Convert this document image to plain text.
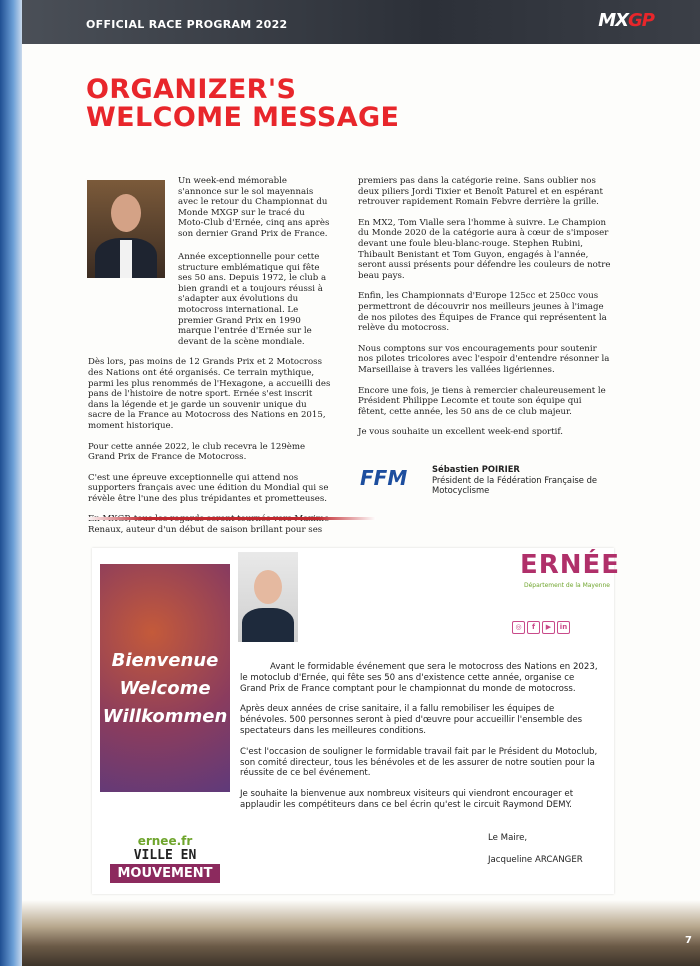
OFFICIAL RACE PROGRAM 2022	MXGP
ORGANIZER'S
WELCOME MESSAGE

Un week-end mémorable s'annonce sur le sol mayennais avec le retour du Championnat du Monde MXGP sur le tracé du Moto-Club d'Ernée, cinq ans après son dernier Grand Prix de France.

Année exceptionnelle pour cette structure emblématique qui fête ses 50 ans. Depuis 1972, le club a bien grandi et a toujours réussi à s'adapter aux évolutions du motocross international. Le premier Grand Prix en 1990 marque l'entrée d'Ernée sur le devant de la scène mondiale.

Dès lors, pas moins de 12 Grands Prix et 2 Motocross des Nations ont été organisés. Ce terrain mythique, parmi les plus renommés de l'Hexagone, a accueilli des pans de l'histoire de notre sport. Ernée s'est inscrit dans la légende et je garde un souvenir unique du sacre de la France au Motocross des Nations en 2015, moment historique.

Pour cette année 2022, le club recevra le 129ème Grand Prix de France de Motocross.

C'est une épreuve exceptionnelle qui attend nos supporters français avec une édition du Mondial qui se révèle être l'une des plus trépidantes et prometteuses.

Renaux, auteur d'un début de saison brillant pour ses

premiers pas dans la catégorie reine. Sans oublier nos deux piliers Jordi Tixier et Benoît Paturel et en espérant retrouver rapidement Romain Febvre derrière la grille.

En MX2, Tom Vialle sera l'homme à suivre. Le Champion du Monde 2020 de la catégorie aura à cœur de s'imposer devant une foule bleu-blanc-rouge. Stephen Rubini, Thibault Benistant et Tom Guyon, engagés à l'année, seront aussi présents pour défendre les couleurs de notre beau pays.

Enfin, les Championnats d'Europe 125cc et 250cc vous permettront de découvrir nos meilleurs jeunes à l'image de nos pilotes des Équipes de France qui représentent la relève du motocross.

Nous comptons sur vos encouragements pour soutenir nos pilotes tricolores avec l'espoir d'entendre résonner la Marseillaise à travers les vallées ligériennes.

Encore une fois, je tiens à remercier chaleureusement le Président Philippe Lecomte et toute son équipe qui fêtent, cette année, les 50 ans de ce club majeur.

Je vous souhaite un excellent week-end sportif.

FFM	Sébastien POIRIER
Président de la Fédération Française de Motocyclisme
Bienvenue
Welcome
Willkommen
ernee.fr
VILLE EN
MOUVEMENT
ERNÉE
Département de la Mayenne
◎ f ▶ in

Avant le formidable événement que sera le motocross des Nations en 2023, le motoclub d'Ernée, qui fête ses 50 ans d'existence cette année, organise ce Grand Prix de France comptant pour le championnat du monde de motocross.

Après deux années de crise sanitaire, il a fallu remobiliser les équipes de bénévoles. 500 personnes seront à pied d'œuvre pour accueillir l'ensemble des spectateurs dans les meilleures conditions.

C'est l'occasion de souligner le formidable travail fait par le Président du Motoclub, son comité directeur, tous les bénévoles et de les assurer de notre soutien pour la réussite de ce bel événement.

Je souhaite la bienvenue aux nombreux visiteurs qui viendront encourager et applaudir les compétiteurs dans ce bel écrin qu'est le circuit Raymond DEMY.

Le Maire,
Jacqueline ARCANGER
7
